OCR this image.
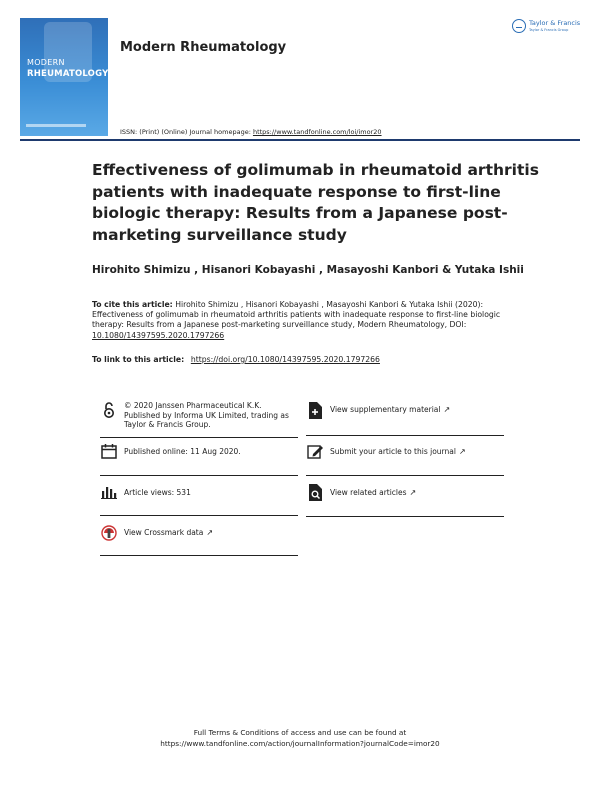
MODERN
RHEUMATOLOGY
Modern Rheumatology
Taylor & Francis
Taylor & Francis Group
ISSN: (Print) (Online) Journal homepage: https://www.tandfonline.com/loi/imor20
Effectiveness of golimumab in rheumatoid arthritis patients with inadequate response to first-line biologic therapy: Results from a Japanese post-marketing surveillance study
Hirohito Shimizu , Hisanori Kobayashi , Masayoshi Kanbori & Yutaka Ishii
To cite this article: Hirohito Shimizu , Hisanori Kobayashi , Masayoshi Kanbori & Yutaka Ishii (2020): Effectiveness of golimumab in rheumatoid arthritis patients with inadequate response to first-line biologic therapy: Results from a Japanese post-marketing surveillance study, Modern Rheumatology, DOI: 10.1080/14397595.2020.1797266
To link to this article: https://doi.org/10.1080/14397595.2020.1797266
© 2020 Janssen Pharmaceutical K.K. Published by Informa UK Limited, trading as Taylor & Francis Group.
Published online: 11 Aug 2020.
Article views: 531
View Crossmark data ↗
View supplementary material ↗
Submit your article to this journal ↗
View related articles ↗
Full Terms & Conditions of access and use can be found at
https://www.tandfonline.com/action/journalInformation?journalCode=imor20
